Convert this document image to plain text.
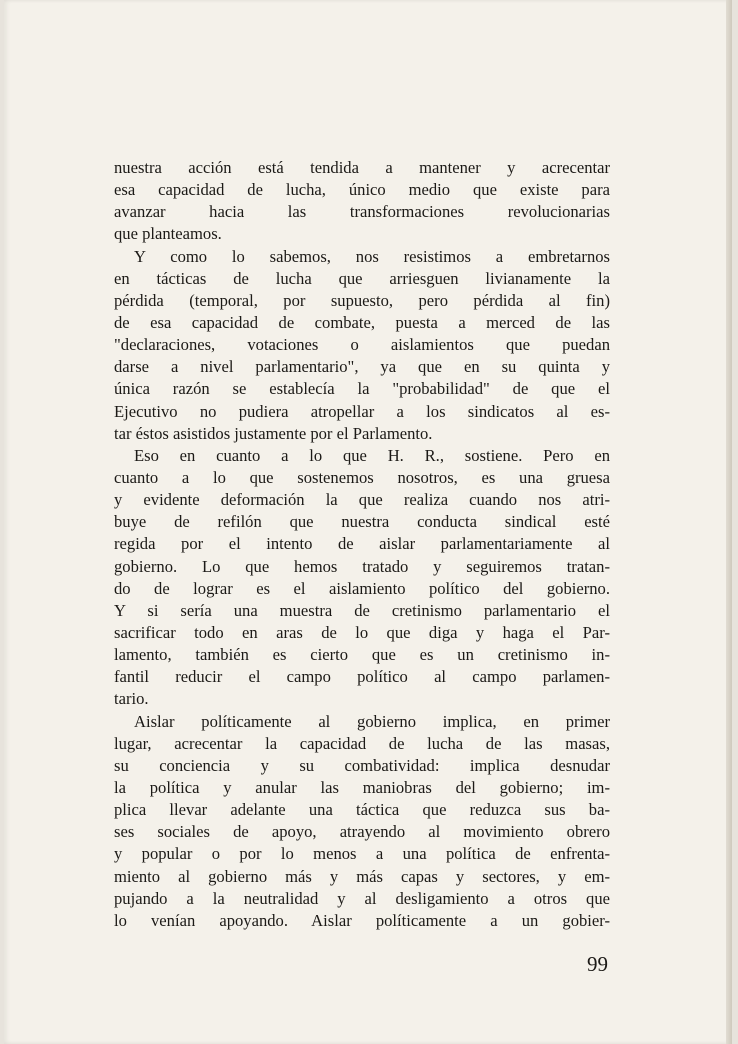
nuestra acción está tendida a mantener y acrecentar
esa capacidad de lucha, único medio que existe para
avanzar hacia las transformaciones revolucionarias
que planteamos.
Y como lo sabemos, nos resistimos a embretarnos
en tácticas de lucha que arriesguen livianamente la
pérdida (temporal, por supuesto, pero pérdida al fin)
de esa capacidad de combate, puesta a merced de las
"declaraciones, votaciones o aislamientos que puedan
darse a nivel parlamentario", ya que en su quinta y
única razón se establecía la "probabilidad" de que el
Ejecutivo no pudiera atropellar a los sindicatos al es-
tar éstos asistidos justamente por el Parlamento.
Eso en cuanto a lo que H. R., sostiene. Pero en
cuanto a lo que sostenemos nosotros, es una gruesa
y evidente deformación la que realiza cuando nos atri-
buye de refilón que nuestra conducta sindical esté
regida por el intento de aislar parlamentariamente al
gobierno. Lo que hemos tratado y seguiremos tratan-
do de lograr es el aislamiento político del gobierno.
Y si sería una muestra de cretinismo parlamentario el
sacrificar todo en aras de lo que diga y haga el Par-
lamento, también es cierto que es un cretinismo in-
fantil reducir el campo político al campo parlamen-
tario.
Aislar políticamente al gobierno implica, en primer
lugar, acrecentar la capacidad de lucha de las masas,
su conciencia y su combatividad: implica desnudar
la política y anular las maniobras del gobierno; im-
plica llevar adelante una táctica que reduzca sus ba-
ses sociales de apoyo, atrayendo al movimiento obrero
y popular o por lo menos a una política de enfrenta-
miento al gobierno más y más capas y sectores, y em-
pujando a la neutralidad y al desligamiento a otros que
lo venían apoyando. Aislar políticamente a un gobier-
99
